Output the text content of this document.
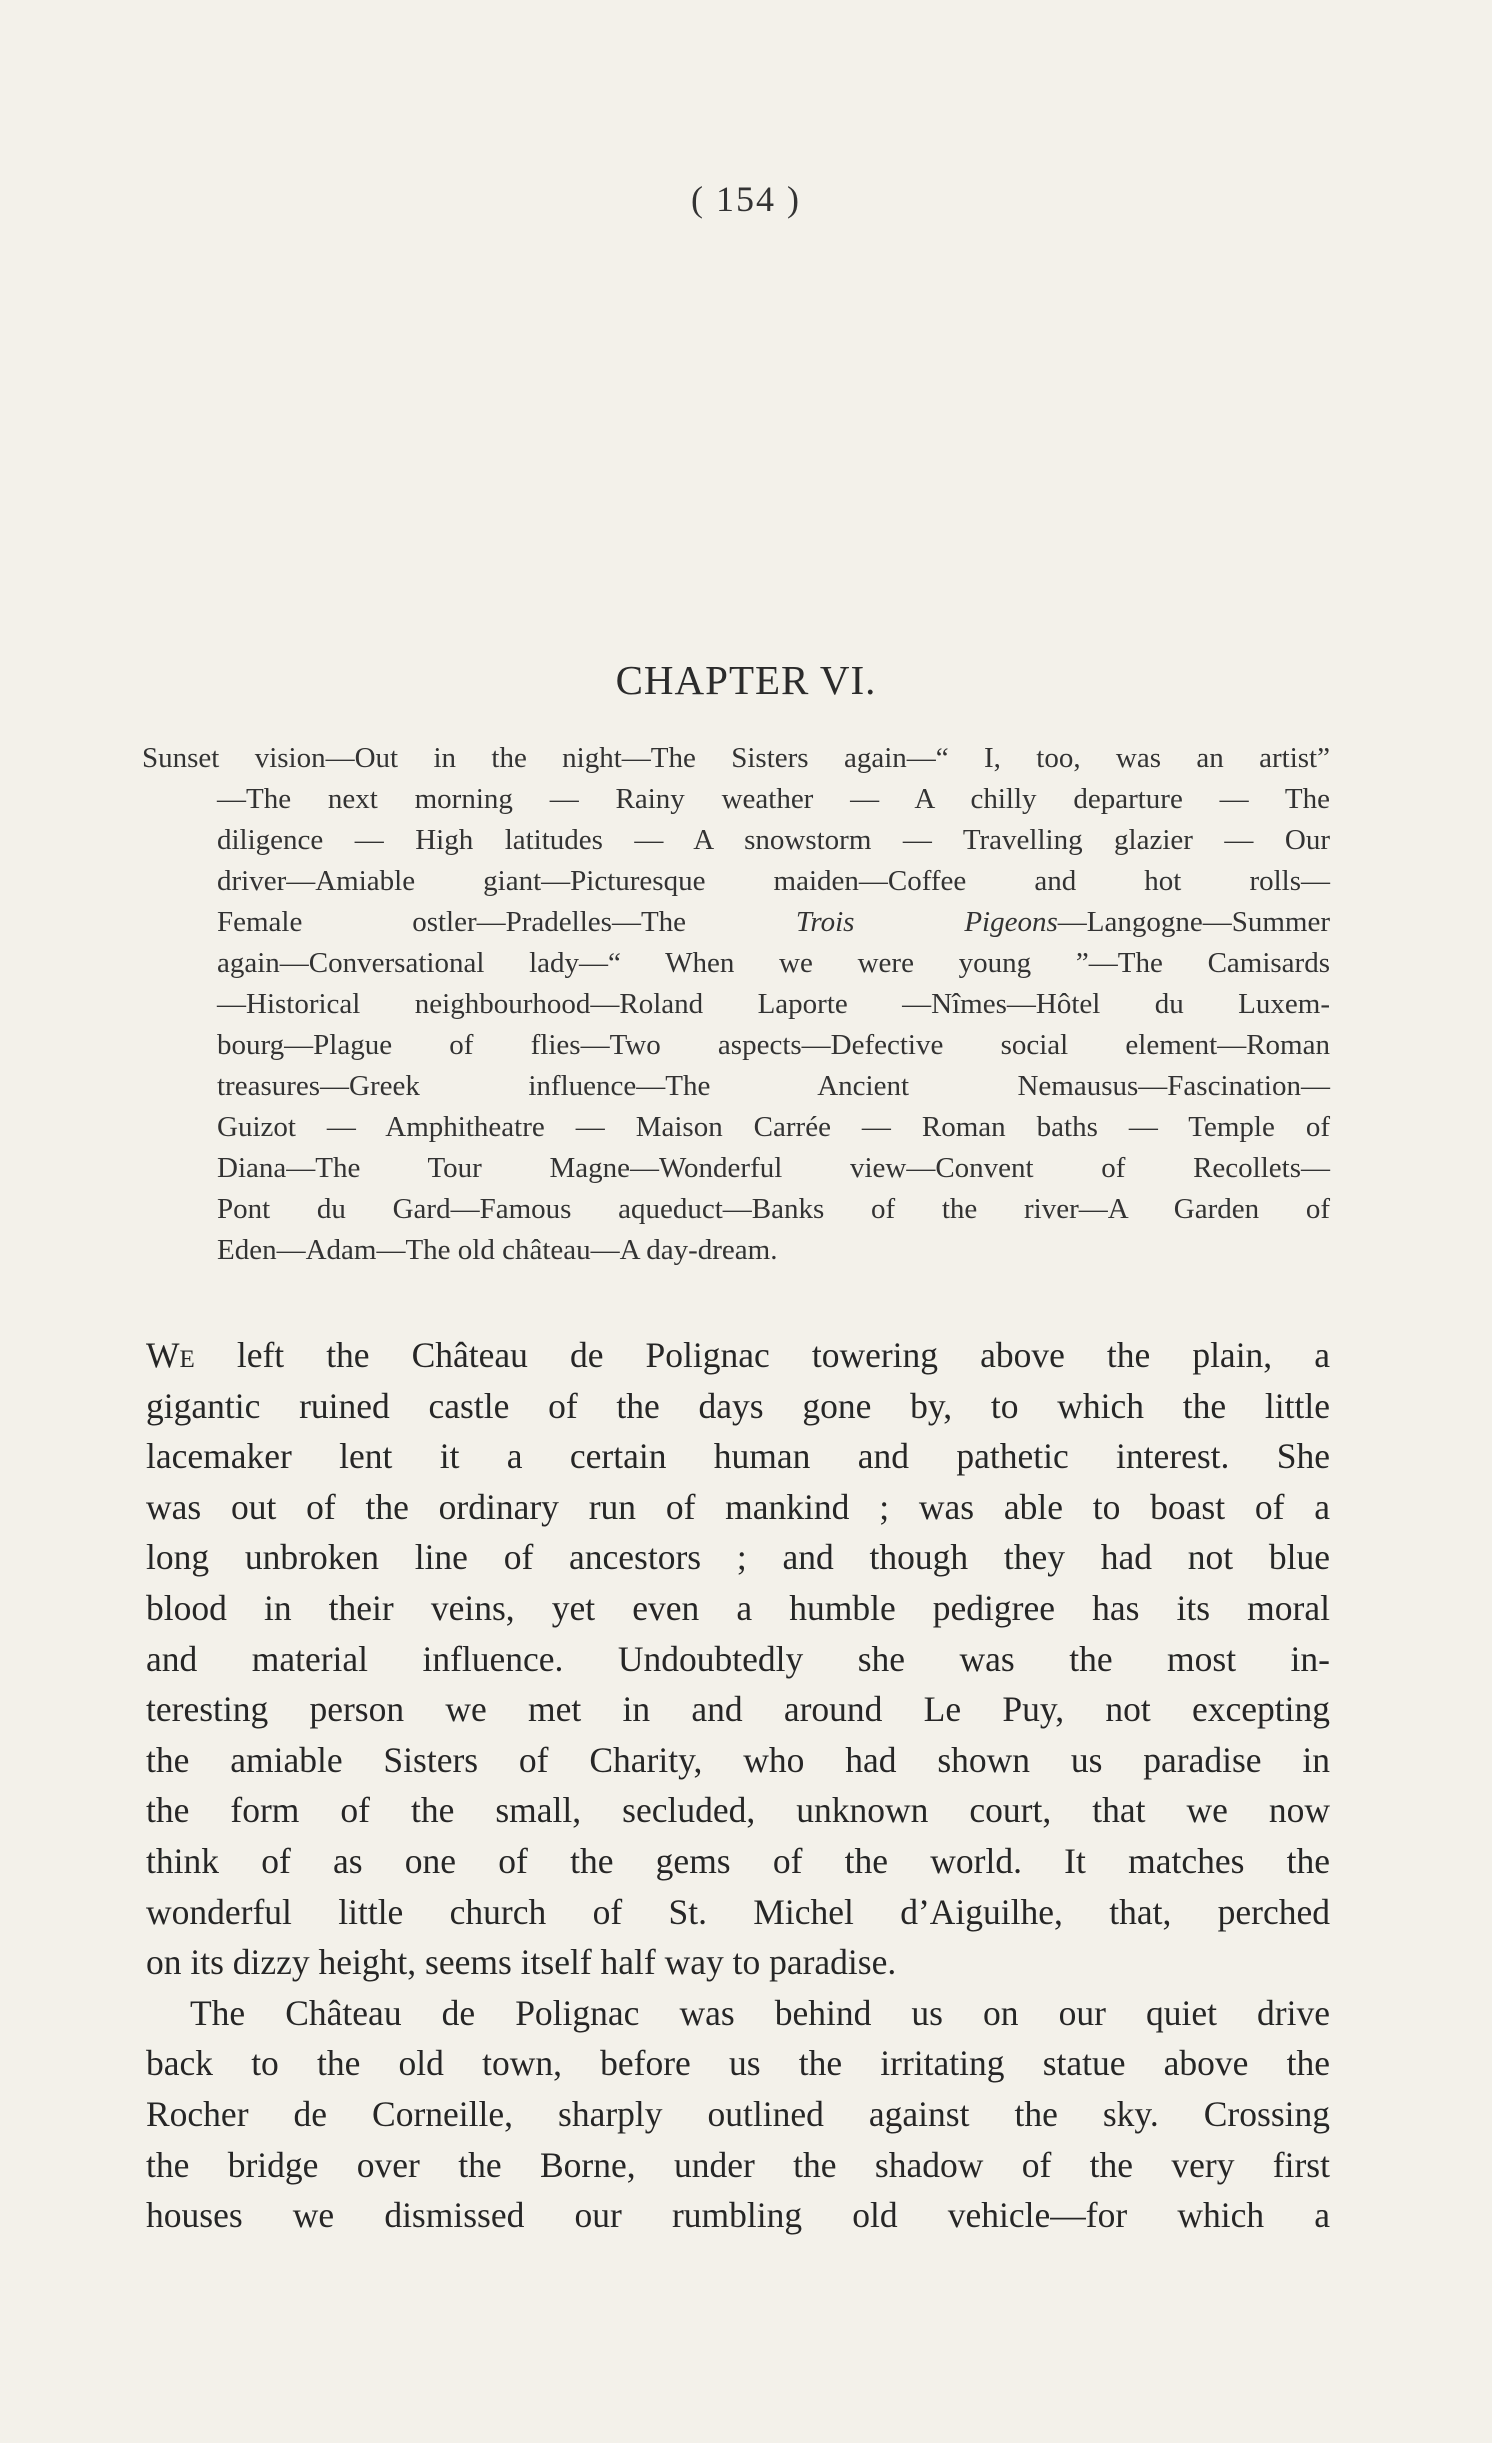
( 154 )
CHAPTER VI.
Sunset vision—Out in the night—The Sisters again—“ I, too, was an artist”
—The next morning — Rainy weather — A chilly departure — The
diligence — High latitudes — A snowstorm — Travelling glazier — Our
driver—Amiable giant—Picturesque maiden—Coffee and hot rolls—
Female ostler—Pradelles—The Trois Pigeons—Langogne—Summer
again—Conversational lady—“ When we were young ”—The Camisards
—Historical neighbourhood—Roland Laporte —Nîmes—Hôtel du Luxem-
bourg—Plague of flies—Two aspects—Defective social element—Roman
treasures—Greek influence—The Ancient Nemausus—Fascination—
Guizot — Amphitheatre — Maison Carrée — Roman baths — Temple of
Diana—The Tour Magne—Wonderful view—Convent of Recollets—
Pont du Gard—Famous aqueduct—Banks of the river—A Garden of
Eden—Adam—The old château—A day-dream.
We left the Château de Polignac towering above the plain, a
gigantic ruined castle of the days gone by, to which the little
lacemaker lent it a certain human and pathetic interest. She
was out of the ordinary run of mankind ; was able to boast of a
long unbroken line of ancestors ; and though they had not blue
blood in their veins, yet even a humble pedigree has its moral
and material influence. Undoubtedly she was the most in-
teresting person we met in and around Le Puy, not excepting
the amiable Sisters of Charity, who had shown us paradise in
the form of the small, secluded, unknown court, that we now
think of as one of the gems of the world. It matches the
wonderful little church of St. Michel d’Aiguilhe, that, perched
on its dizzy height, seems itself half way to paradise.
The Château de Polignac was behind us on our quiet drive
back to the old town, before us the irritating statue above the
Rocher de Corneille, sharply outlined against the sky. Crossing
the bridge over the Borne, under the shadow of the very first
houses we dismissed our rumbling old vehicle—for which a
